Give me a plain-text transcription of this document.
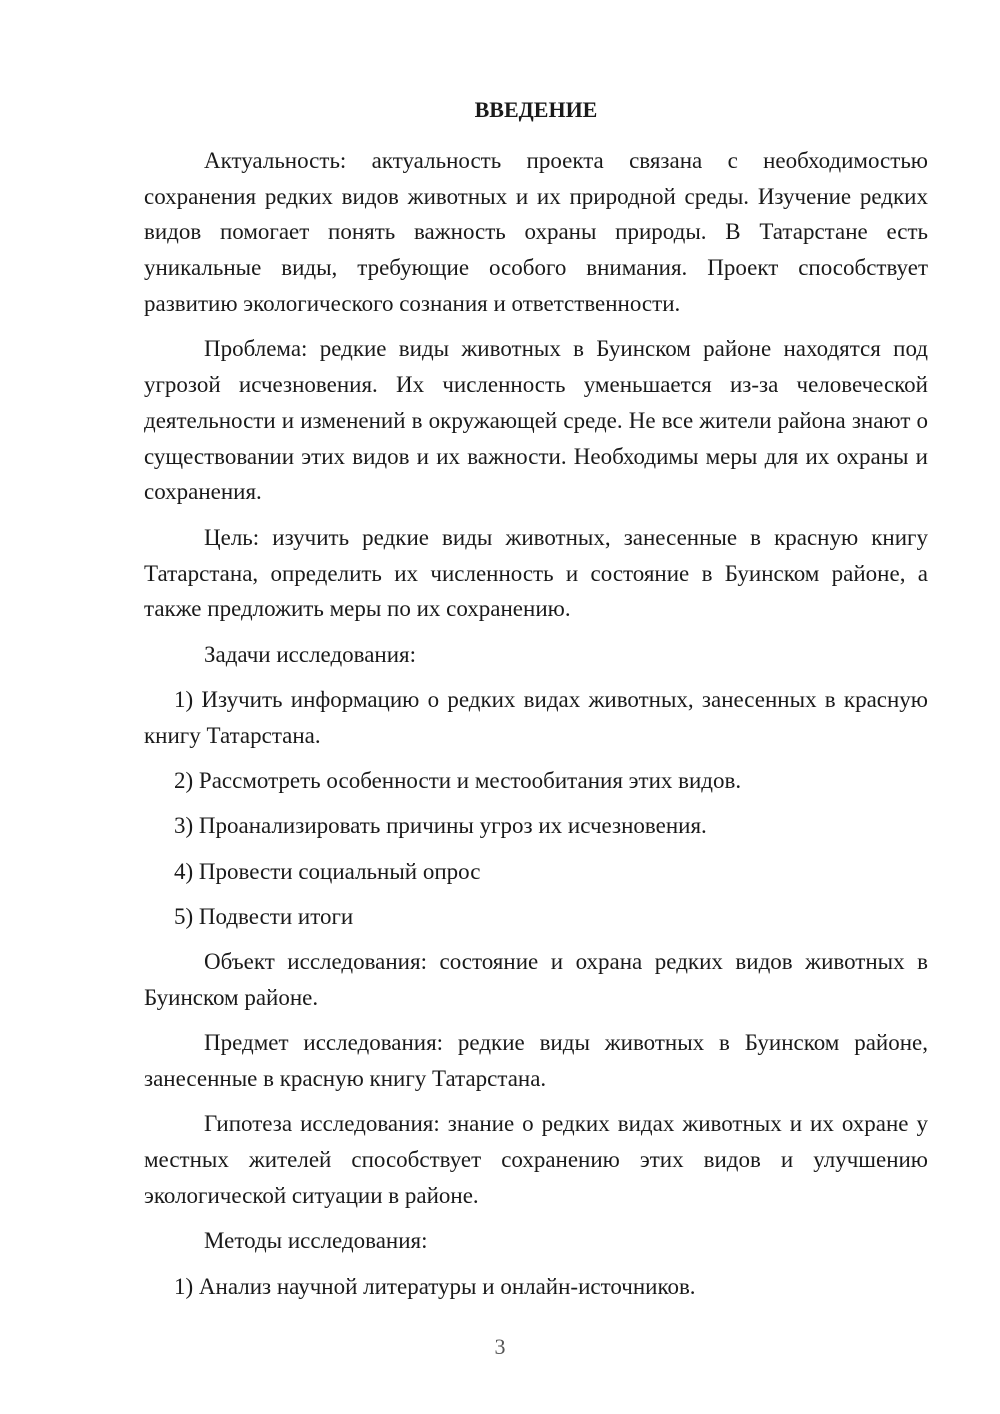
ВВЕДЕНИЕ

Актуальность: актуальность проекта связана с необходимостью сохранения редких видов животных и их природной среды. Изучение редких видов помогает понять важность охраны природы. В Татарстане есть уникальные виды, требующие особого внимания. Проект способствует развитию экологического сознания и ответственности.

Проблема: редкие виды животных в Буинском районе находятся под угрозой исчезновения. Их численность уменьшается из-за человеческой деятельности и изменений в окружающей среде. Не все жители района знают о существовании этих видов и их важности. Необходимы меры для их охраны и сохранения.

Цель: изучить редкие виды животных, занесенные в красную книгу Татарстана, определить их численность и состояние в Буинском районе, а также предложить меры по их сохранению.

Задачи исследования:

1) Изучить информацию о редких видах животных, занесенных в красную книгу Татарстана.

2) Рассмотреть особенности и местообитания этих видов.

3) Проанализировать причины угроз их исчезновения.

4) Провести социальный опрос

5) Подвести итоги

Объект исследования: состояние и охрана редких видов животных в Буинском районе.

Предмет исследования: редкие виды животных в Буинском районе, занесенные в красную книгу Татарстана.

Гипотеза исследования: знание о редких видах животных и их охране у местных жителей способствует сохранению этих видов и улучшению экологической ситуации в районе.

Методы исследования:

1) Анализ научной литературы и онлайн-источников.

3
